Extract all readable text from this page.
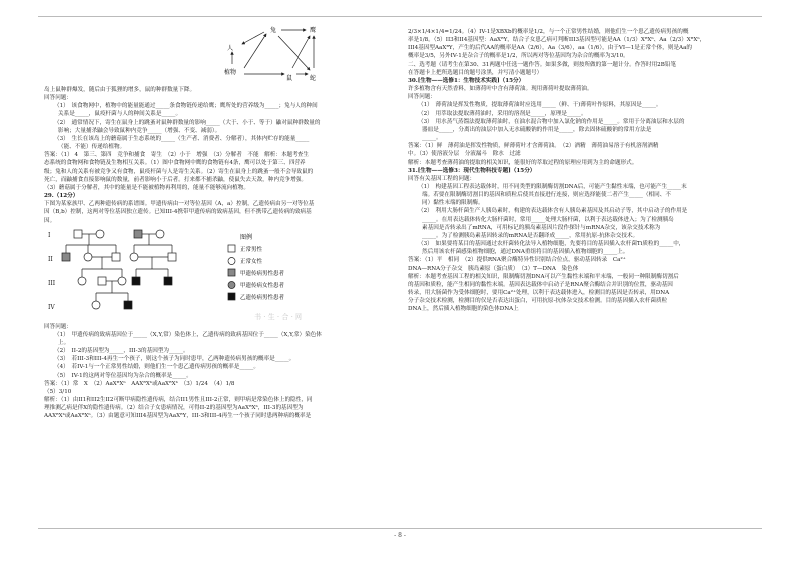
兔	鹰
人
鼠
植物
蛇

岛上鼠种群爆发，随后由于狐狸的增多，鼠的种群数量下降。

回答问题：

（1）　该食物网中，植物中的能量能通过_____条食物链传递给鹰；鹰所处的营养级为_____；兔与人的种间

关系是_____，鼠疫杆菌与人的种间关系是_____。

（2）　通常情况下，寄生在鼠身上的跳蚤对鼠种群数量的影响_____（大于、小于、等于）鼬对鼠种群数量的

影响；大量捕杀鼬会导致鼠种内竞争_____（增强、不变、减弱）。

（3）　生长在该岛上的蘑菇属于生态系统的_____（生产者、消费者、分解者），其体内贮存的能量_____

（能、不能）传递给植物。

答案：（1） 4　第三、第四　竞争和捕食　寄生　（2）小于　增强　（3）分解者　不能　解析：本题考查生

态系统的食物网和食物链及生物相互关系。（1）图中食物网中鹰的食物链有4条，鹰可以处于第三、四营养

级；兔和人的关系有被竞争又有食物，鼠疫杆菌与人是寄生关系。（2）寄生在鼠身上的跳蚤一般不会导致鼠的

死亡，而鼬捕食直接影响鼠的数量，前者影响小于后者。打来都不捕杀鼬，使鼠失去天敌，种内竞争增强。

（3）蘑菇属于分解者，其中的能量是不能被植物再利用的，能量不能够流向植物。

29.（12分）

下图为某家族甲、乙两种遗传病的系谱图。甲遗传病由一对等位基因（A，a）控制，乙遗传病由另一对等位基

因（B,b）控制，这两对等位基因独立遗传。已知III-4携带甲遗传病的致病基因，但不携带乙遗传病的致病基

因。

I
II
III
IV
图例
正常男性
正常女性
甲遗传病男性患者
甲遗传病女性患者
乙遗传病男性患者
书 · 生 · 合 · 网

回答问题：

（1）　甲遗传病的致病基因位于_____（X,Y,常）染色体上，乙遗传病的致病基因位于_____（X,Y,常）染色体

上。

（2）　II-2的基因型为_____，III-3的基因型为_____。

（3）　若III-3和III-4再生一个孩子，则这个孩子为同时患甲，乙两种遗传病男孩的概率是_____。

（4）　若IV-1与一个正常男性结婚，则他们生一个患乙遗传病男孩的概率是_____。

（5）　IV-1的这两对等位基因均为杂合的概率是_____。

答案：（1）常　X　（2）AaXᴮXᵇ　AAXᴮXᵇ或AaXᴮXᵇ　（3）1/24　（4）1/8

（5）3/10

解析：（1）由II1和II2生II2可断甲病隐性遗传病，结合II1男性且III-2正常，则甲病是常染色体上的隐性，同

理推测乙病是伴X的隐性遗传病。（2）结合子女患病情况，可得II-2的基因型为AaXᴮXᵇ，III-3的基因型为

AAXᴮXᵇ或AaXᴮXᵇ。（3）由题意可知III4基因型为AaXᴮY，III-3和III-4再生一个孩子同时患两种病的概率是

2/3×1/4×1/4=1/24。（4）IV-1是XBXb的概率是1/2，与一个正常男性结婚，则他们生一个患乙遗传病男孩的概

率是1/8。（5）II3和II4基因型：AaXᴮY，结合子女患乙病可判断III3基因型可能是AA（1/3）XᴮXᵇ、Aa（2/3）XᴮXᵇ，

III4基因型AaXᴮY，产生的后代AA的概率是AA（2/6），Aa（3/6），aa（1/6），由于VI—1是正常个体，则是Aa的

概率是3/5，另外IV-1是杂合子的概率是1/2，所以两对等位基因均为杂合的概率为3/10。

二、选考题（请考生在第30、31两题中任选一题作答。如果多做，则按所做的第一题计分。作答时用2B铅笔

在答题卡上把所选题目的题号涂黑，并写清小题题号）

30.[生物——选修1：生物技术实践]（15分）

许多植物含有天然香料，如薄荷叶中含有薄荷油。现用薄荷叶提取薄荷油。

回答问题：

（1）　薄荷油是挥发性物质，提取薄荷油时应选用_____（鲜、干)薄荷叶作原料，其原因是_____。

（2）　用萃取法提取薄荷油时，采用的溶剂是_____，原理是_____。

（3）　用水蒸气蒸馏法提取薄荷油时，在油水混合物中加入氯化钠的作用是_____。常用于分离油层和水层的

器皿是_____，分离出的油层中加入无水硫酸钠的作用是_____，除去固体硫酸钠的常用方法是

_____。

答案：（1）鲜　薄荷油是挥发性物质，鲜薄荷叶才含薄荷油。　（2）酒精　薄荷油易溶于有机溶剂酒精

中。（3）使溶液分层　分液漏斗　除水　过滤

解析：本题考查薄荷油的提取的相关知识，能很好的萃取过程的原理应用到为主的命题形式。

31.[生物——选修3：现代生物科技专题]（15分）

回答有关基因工程的问题：

（1）　构建基因工程表达载体时，用不同类型的限制酶切割DNA后，可能产生黏性末端，也可能产生_____末

端。若要在限制酶切割目的基因和质粒后使其直接进行连接，则应选择能使二者产生_____（相同、不

同）黏性末端的限制酶。

（2）　利用大肠杆菌生产人胰岛素时，构建的表达载体含有人胰岛素基因及其启动子等，其中启动子的作用是

_____。在用表达载体转化大肠杆菌时，常用_____处理大肠杆菌，以利于表达载体进入；为了检测胰岛

素基因是否转录出了mRNA，可用标记的胰岛素基因片段作探针与mRNA杂交，该杂交技术称为

_____。为了检测胰岛素基因转录的mRNA是否翻译成_____，常用抗原-抗体杂交技术。

（3）　如果要将某目的基因通过农杆菌转化法导入植物细胞，先要将目的基因插入农杆菌Ti质粒的_____中，

然后用该农杆菌感染植物细胞，通过DNA重组将目的基因插入植物细胞的_____上。

答案：（1）平　相同　（2）提供RNA聚合酶特异性识别结合位点，驱动基因转录　Ca²⁺

DNA—RNA分子杂交　胰岛素原（蛋白质）　（3）T—DNA　染色体

解析：本题考查基因工程的相关知识，限制酶切割DNA可以产生黏性末端和平末端，一般同一种限制酶切割后

的基因和质粒，能产生相同的黏性末端。基因表达载体中启动子是RNA聚合酶结合并识别的位置，驱动基因

转录，用大肠菌作为受体细胞时，要用Ca²⁺处理，以利于表达载体进入，检测目的基因是否转录，用DNA

分子杂交技术检测，检测目的仅是否表达出蛋白，可用抗原-抗体杂交技术检测。目的基因插入农杆菌质粒

DNA上，然后插入植物细胞的染色体DNA上

- 8 -
